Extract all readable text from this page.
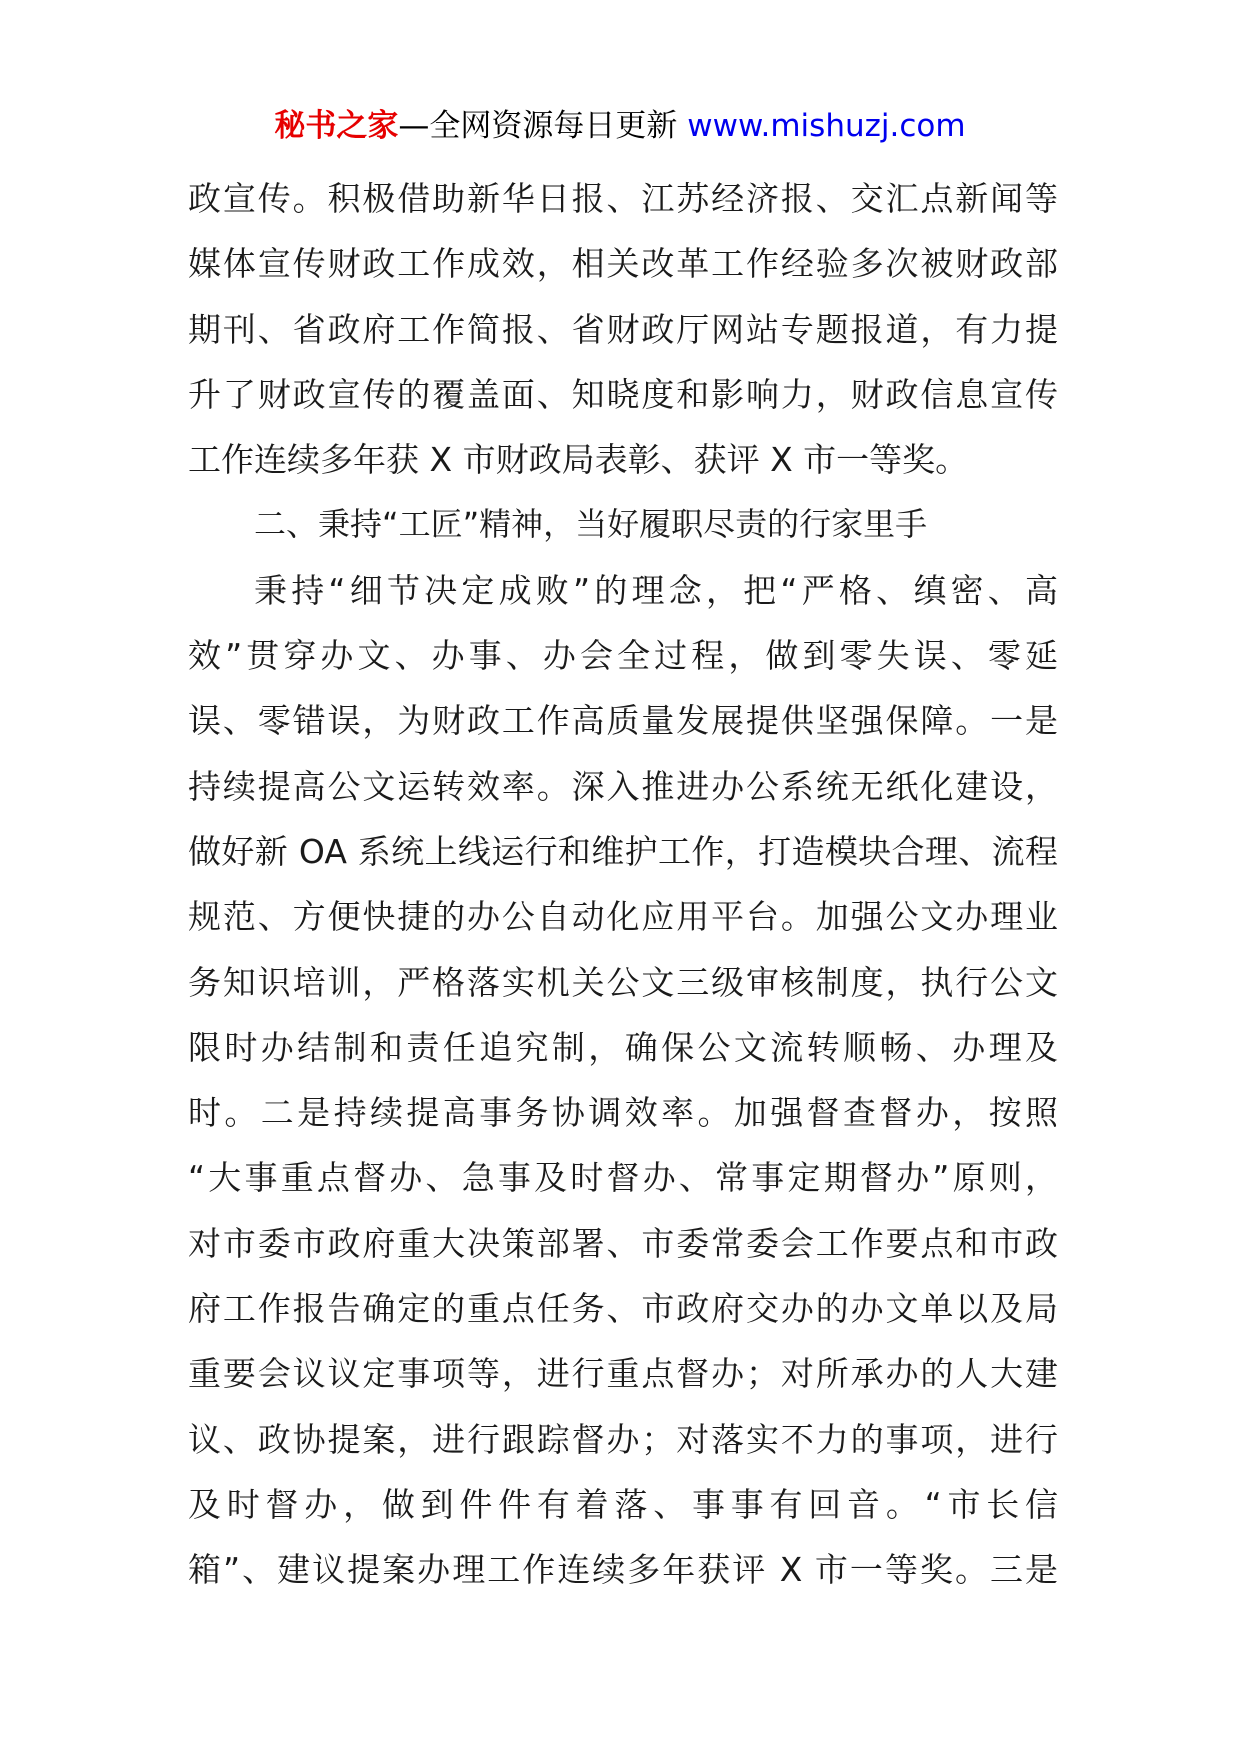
秘书之家—全网资源每日更新 www.mishuzj.com
政宣传。积极借助新华日报、江苏经济报、交汇点新闻等
媒体宣传财政工作成效，相关改革工作经验多次被财政部
期刊、省政府工作简报、省财政厅网站专题报道，有力提
升了财政宣传的覆盖面、知晓度和影响力，财政信息宣传
工作连续多年获 X 市财政局表彰、获评 X 市一等奖。
二、秉持“工匠”精神，当好履职尽责的行家里手
秉持“细节决定成败”的理念，把“严格、缜密、高
效”贯穿办文、办事、办会全过程，做到零失误、零延
误、零错误，为财政工作高质量发展提供坚强保障。一是
持续提高公文运转效率。深入推进办公系统无纸化建设，
做好新 OA 系统上线运行和维护工作，打造模块合理、流程
规范、方便快捷的办公自动化应用平台。加强公文办理业
务知识培训，严格落实机关公文三级审核制度，执行公文
限时办结制和责任追究制，确保公文流转顺畅、办理及
时。二是持续提高事务协调效率。加强督查督办，按照
“大事重点督办、急事及时督办、常事定期督办”原则，
对市委市政府重大决策部署、市委常委会工作要点和市政
府工作报告确定的重点任务、市政府交办的办文单以及局
重要会议议定事项等，进行重点督办；对所承办的人大建
议、政协提案，进行跟踪督办；对落实不力的事项，进行
及时督办，做到件件有着落、事事有回音。“市长信
箱”、建议提案办理工作连续多年获评 X 市一等奖。三是
